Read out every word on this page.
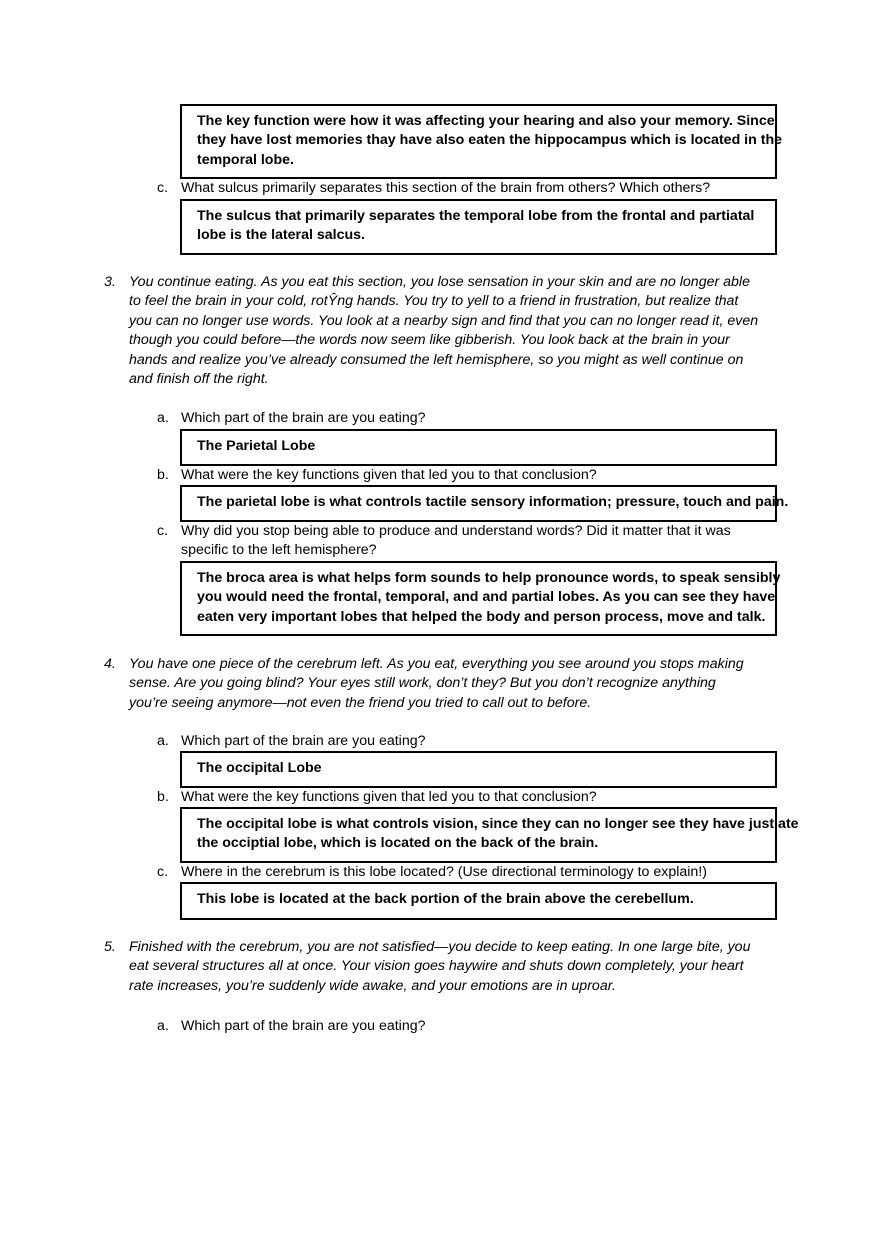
The key function were how it was affecting your hearing and also your memory. Since
they have lost memories thay have also eaten the hippocampus which is located in the
temporal lobe.
c. What sulcus primarily separates this section of the brain from others? Which others?
The sulcus that primarily separates the temporal lobe from the frontal and partiatal
lobe is the lateral salcus.
3. You continue eating. As you eat this section, you lose sensation in your skin and are no longer able
to feel the brain in your cold, rotŶng hands. You try to yell to a friend in frustration, but realize that
you can no longer use words. You look at a nearby sign and find that you can no longer read it, even
though you could before—the words now seem like gibberish. You look back at the brain in your
hands and realize you’ve already consumed the left hemisphere, so you might as well continue on
and finish off the right.
a. Which part of the brain are you eating?
The Parietal Lobe
b. What were the key functions given that led you to that conclusion?
The parietal lobe is what controls tactile sensory information; pressure, touch and pain.
c. Why did you stop being able to produce and understand words? Did it matter that it was
specific to the left hemisphere?
The broca area is what helps form sounds to help pronounce words, to speak sensibly
you would need the frontal, temporal, and and partial lobes. As you can see they have
eaten very important lobes that helped the body and person process, move and talk.
4. You have one piece of the cerebrum left. As you eat, everything you see around you stops making
sense. Are you going blind? Your eyes still work, don’t they? But you don’t recognize anything
you’re seeing anymore—not even the friend you tried to call out to before.
a. Which part of the brain are you eating?
The occipital Lobe
b. What were the key functions given that led you to that conclusion?
The occipital lobe is what controls vision, since they can no longer see they have just ate
the occiptial lobe, which is located on the back of the brain.
c. Where in the cerebrum is this lobe located? (Use directional terminology to explain!)
This lobe is located at the back portion of the brain above the cerebellum.
5. Finished with the cerebrum, you are not satisfied—you decide to keep eating. In one large bite, you
eat several structures all at once. Your vision goes haywire and shuts down completely, your heart
rate increases, you’re suddenly wide awake, and your emotions are in uproar.
a. Which part of the brain are you eating?
